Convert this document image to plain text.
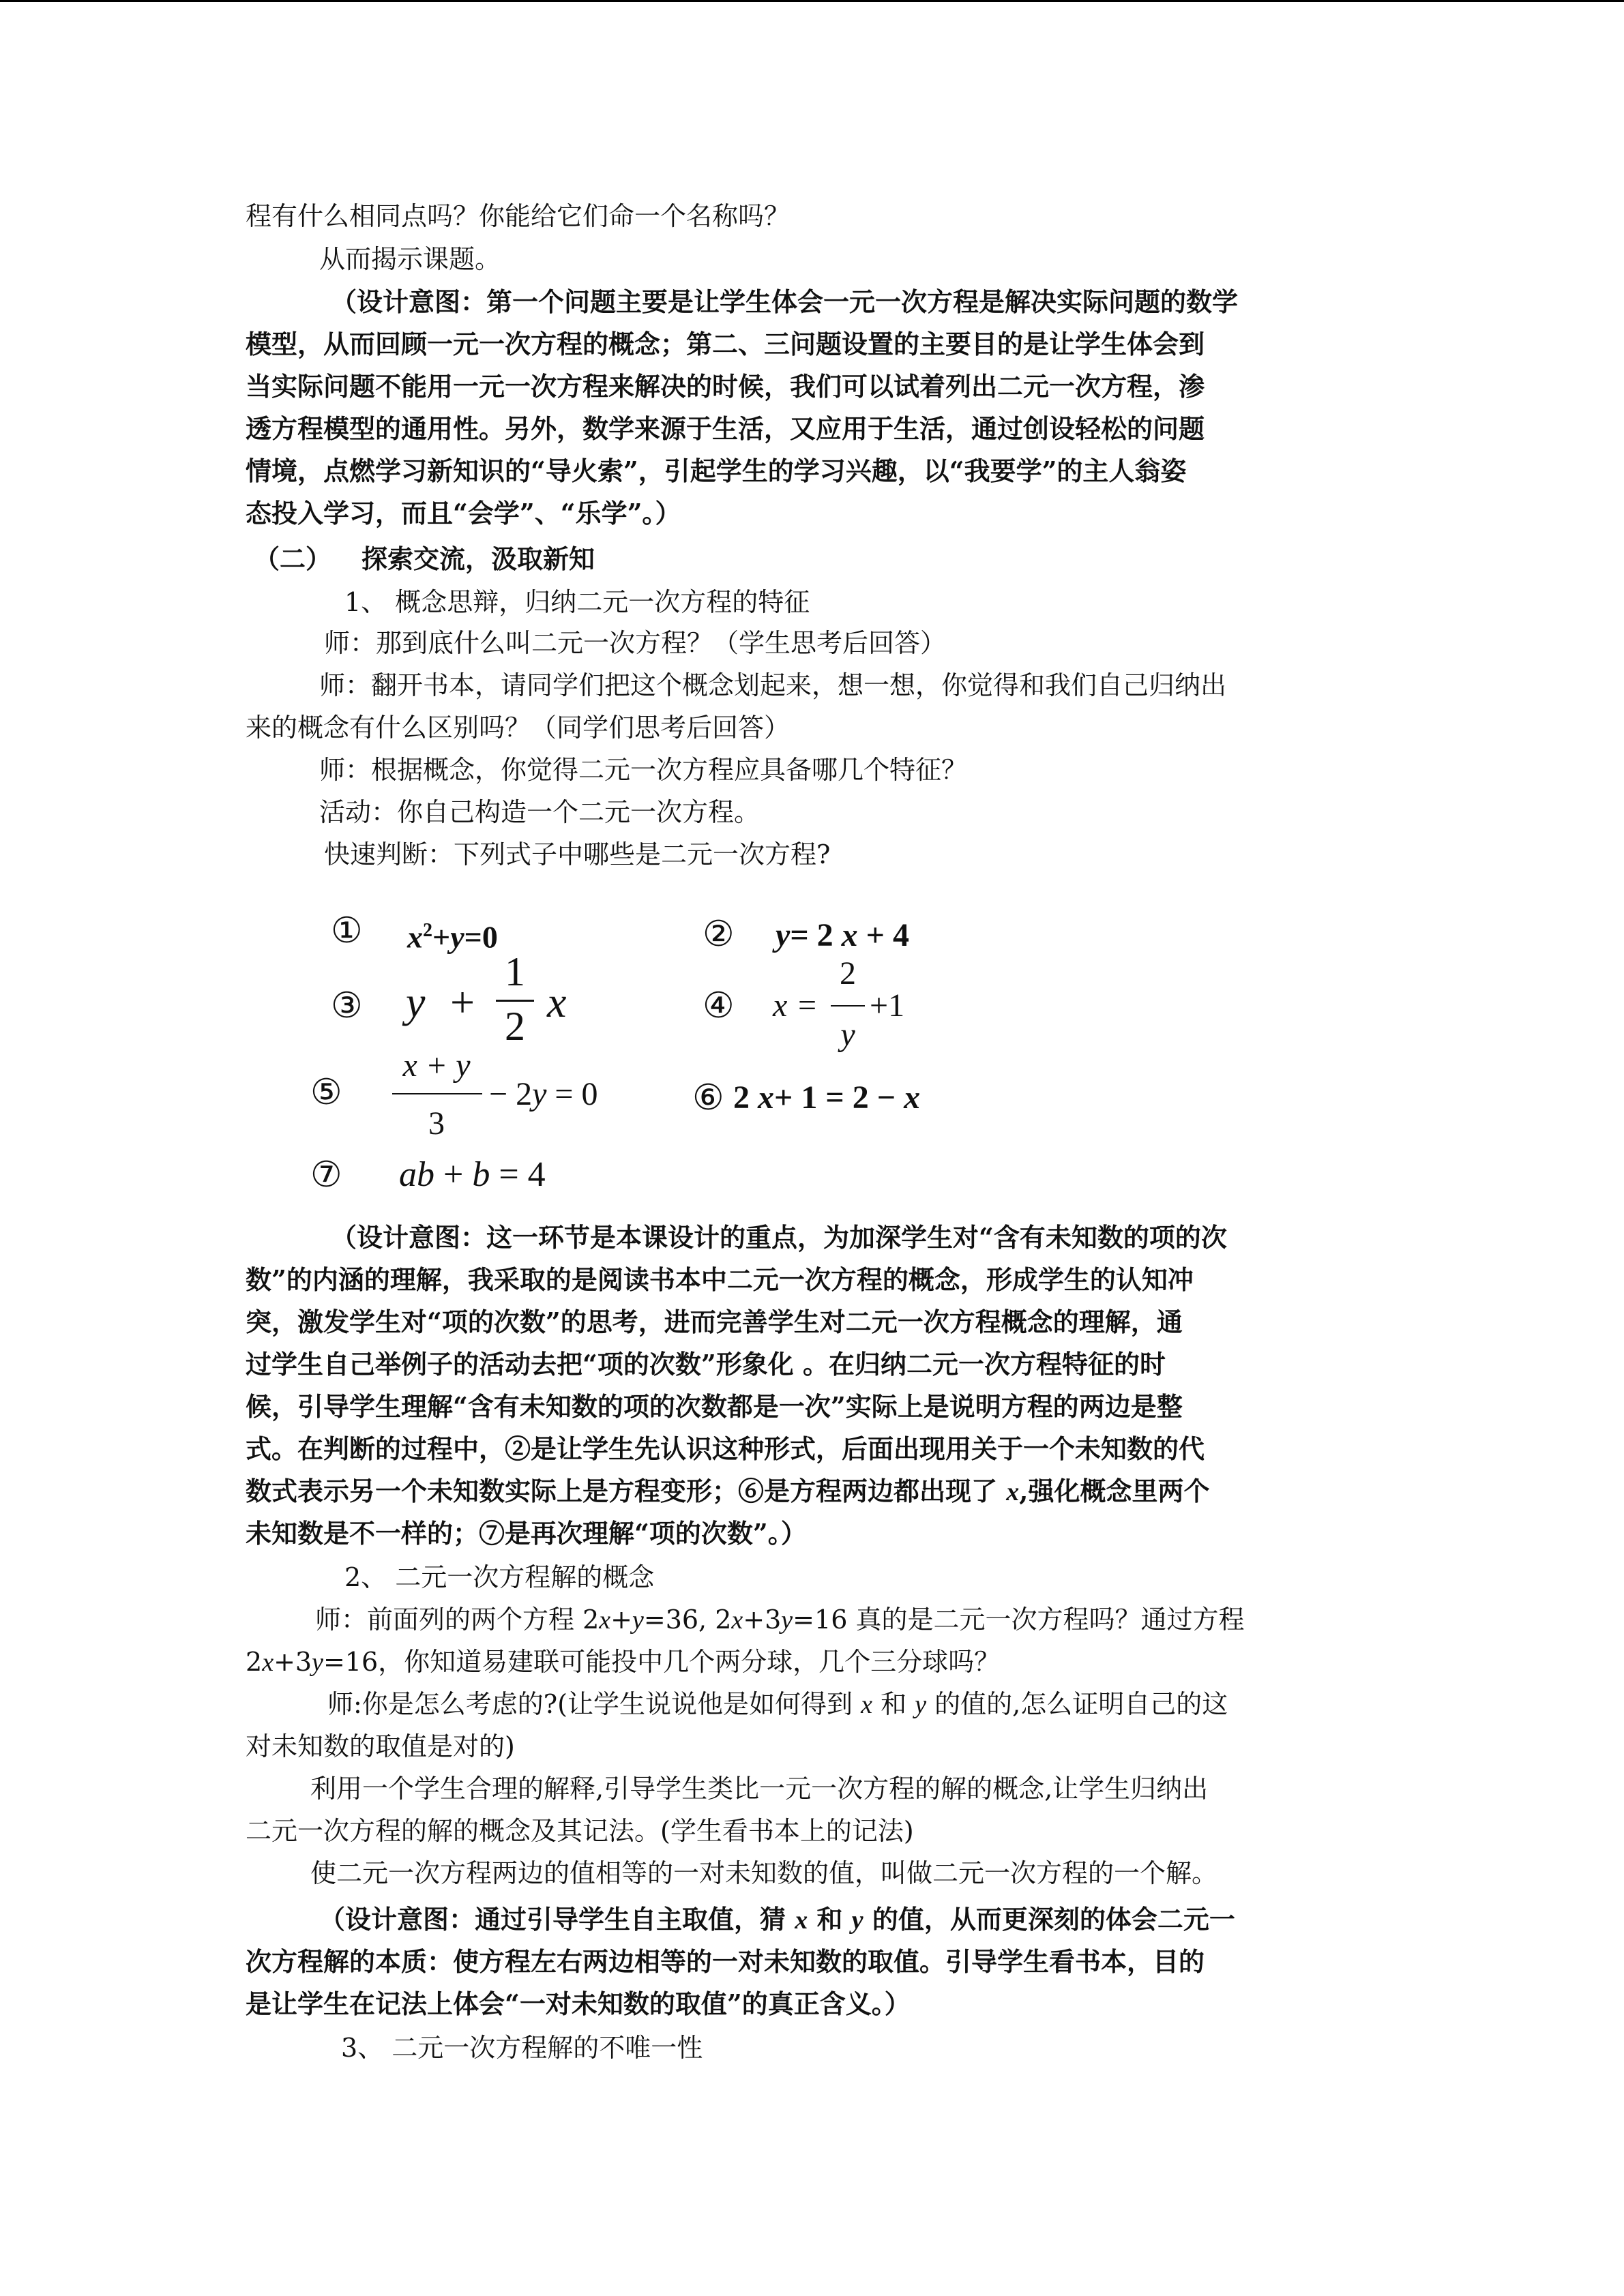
程有什么相同点吗？你能给它们命一个名称吗？
从而揭示课题。
（设计意图：第一个问题主要是让学生体会一元一次方程是解决实际问题的数学
模型，从而回顾一元一次方程的概念；第二、三问题设置的主要目的是让学生体会到
当实际问题不能用一元一次方程来解决的时候，我们可以试着列出二元一次方程，渗
透方程模型的通用性。另外，数学来源于生活，又应用于生活，通过创设轻松的问题
情境，点燃学习新知识的“导火索”，引起学生的学习兴趣，以“我要学”的主人翁姿
态投入学习，而且“会学”、“乐学”。）
（二） 探索交流，汲取新知
1、 概念思辩，归纳二元一次方程的特征
师：那到底什么叫二元一次方程？（学生思考后回答）
师：翻开书本，请同学们把这个概念划起来，想一想，你觉得和我们自己归纳出
来的概念有什么区别吗？（同学们思考后回答）
师：根据概念，你觉得二元一次方程应具备哪几个特征？
活动：你自己构造一个二元一次方程。
快速判断：下列式子中哪些是二元一次方程?
① $x^2+y=0$	② y= 2 x + 4
③ y +
1
2 x	④ x =
2
y
+1
⑤
x + y
3
− 2y = 0	⑥ 2 x+ 1 = 2 − x
⑦ ab + b = 4
（设计意图：这一环节是本课设计的重点，为加深学生对“含有未知数的项的次
数”的内涵的理解，我采取的是阅读书本中二元一次方程的概念，形成学生的认知冲
突，激发学生对“项的次数”的思考，进而完善学生对二元一次方程概念的理解，通
过学生自己举例子的活动去把“项的次数”形象化 。在归纳二元一次方程特征的时
候，引导学生理解“含有未知数的项的次数都是一次”实际上是说明方程的两边是整
式。在判断的过程中，②是让学生先认识这种形式，后面出现用关于一个未知数的代
数式表示另一个未知数实际上是方程变形；⑥是方程两边都出现了 x,强化概念里两个
未知数是不一样的；⑦是再次理解“项的次数”。）
2、 二元一次方程解的概念
师：前面列的两个方程 2x+y=36, 2x+3y=16 真的是二元一次方程吗？通过方程
2x+3y=16，你知道易建联可能投中几个两分球，几个三分球吗？
师:你是怎么考虑的?(让学生说说他是如何得到 x 和 y 的值的,怎么证明自己的这
对未知数的取值是对的)
利用一个学生合理的解释,引导学生类比一元一次方程的解的概念,让学生归纳出
二元一次方程的解的概念及其记法。(学生看书本上的记法)
使二元一次方程两边的值相等的一对未知数的值，叫做二元一次方程的一个解。
（设计意图：通过引导学生自主取值，猜 x 和 y 的值，从而更深刻的体会二元一
次方程解的本质：使方程左右两边相等的一对未知数的取值。引导学生看书本，目的
是让学生在记法上体会“一对未知数的取值”的真正含义。）
3、 二元一次方程解的不唯一性
